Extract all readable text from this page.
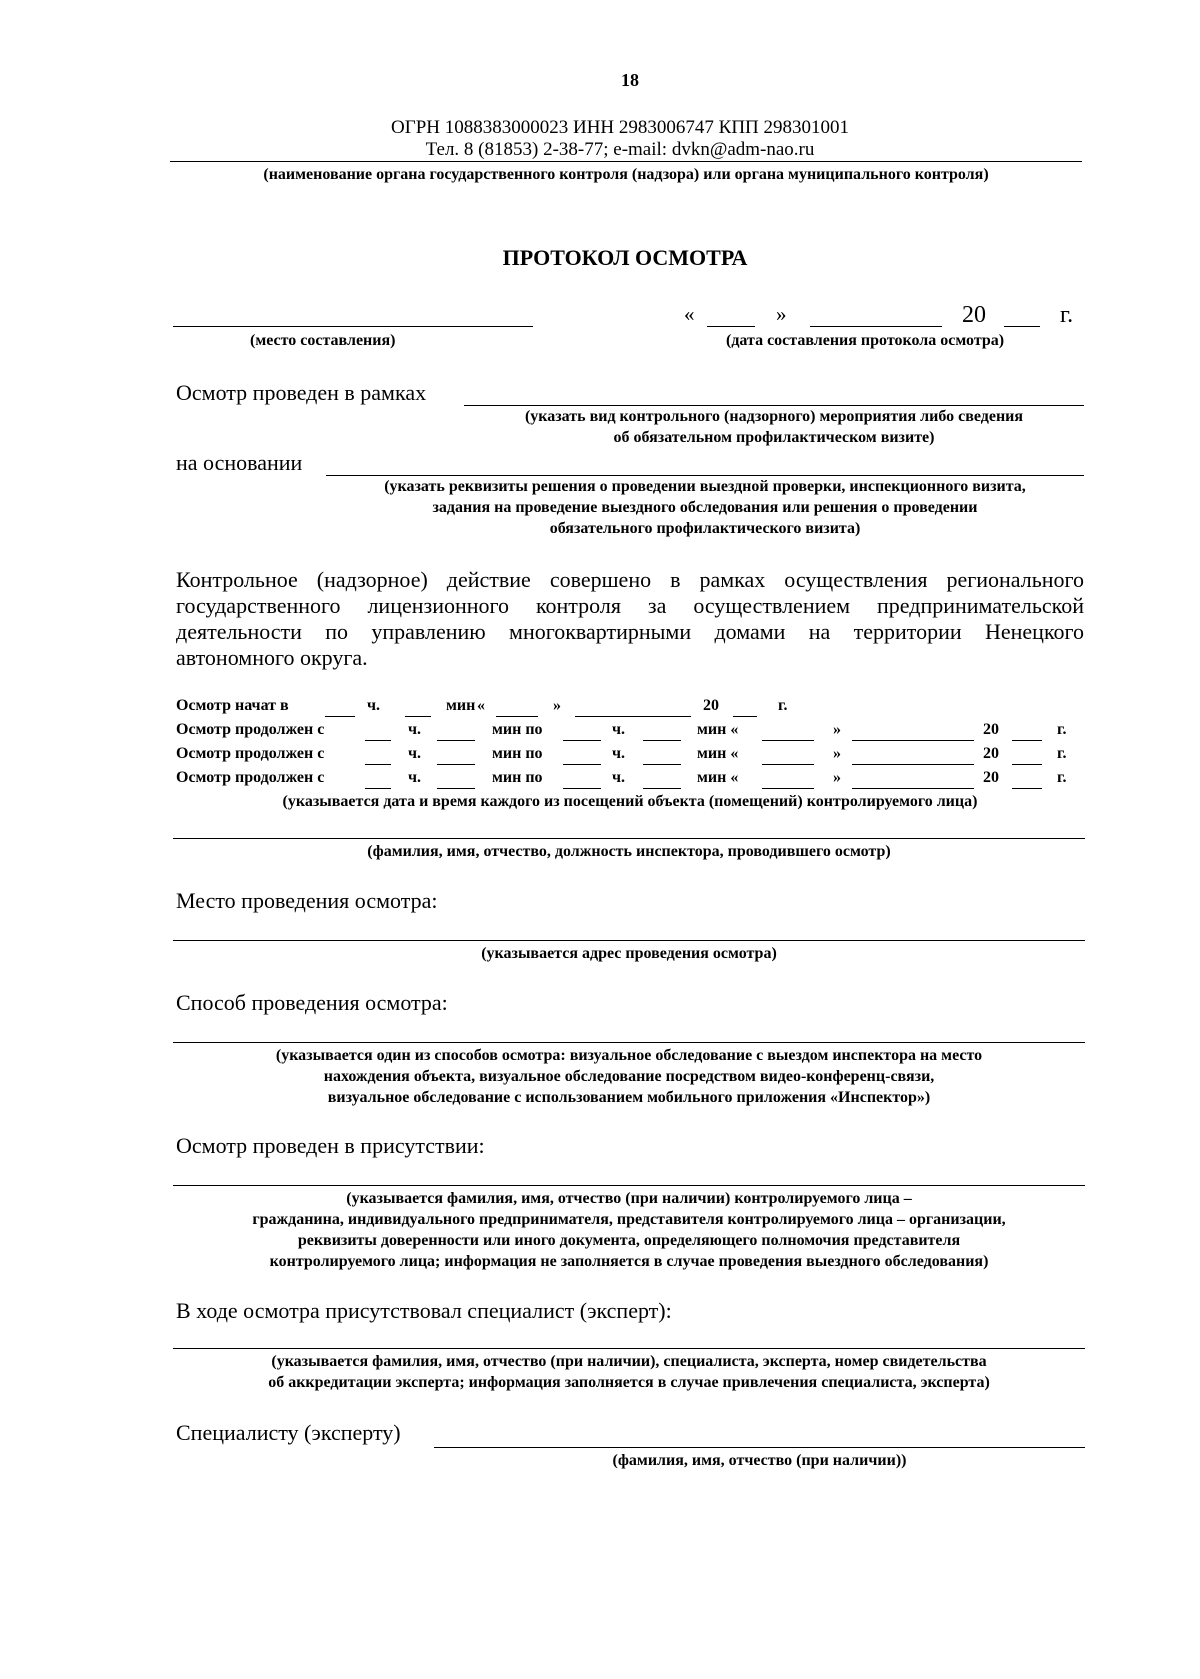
18
ОГРН 1088383000023 ИНН 2983006747 КПП 298301001
Тел. 8 (81853) 2-38-77; e-mail: dvkn@adm-nao.ru
(наименование органа государственного контроля (надзора) или органа муниципального контроля)
ПРОТОКОЛ ОСМОТРА
(место составления)
«	»	20	г.
(дата составления протокола осмотра)
Осмотр проведен в рамках
(указать вид контрольного (надзорного) мероприятия либо сведения
об обязательном профилактическом визите)
на основании
(указать реквизиты решения о проведении выездной проверки, инспекционного визита,
задания на проведение выездного обследования или решения о проведении
обязательного профилактического визита)
Контрольное (надзорное) действие совершено в рамках осуществления регионального
государственного лицензионного контроля за осуществлением предпринимательской
деятельности по управлению многоквартирными домами на территории Ненецкого
автономного округа.
Осмотр начат в	ч.	мин «	»	20	г.
Осмотр продолжен с	ч.	мин по	ч.	мин «	»	20	г.
Осмотр продолжен с	ч.	мин по	ч.	мин «	»	20	г.
Осмотр продолжен с	ч.	мин по	ч.	мин «	»	20	г.
(указывается дата и время каждого из посещений объекта (помещений) контролируемого лица)
(фамилия, имя, отчество, должность инспектора, проводившего осмотр)
Место проведения осмотра:
(указывается адрес проведения осмотра)
Способ проведения осмотра:
(указывается один из способов осмотра: визуальное обследование с выездом инспектора на место
нахождения объекта, визуальное обследование посредством видео-конференц-связи,
визуальное обследование с использованием мобильного приложения «Инспектор»)
Осмотр проведен в присутствии:
(указывается фамилия, имя, отчество (при наличии) контролируемого лица –
гражданина, индивидуального предпринимателя, представителя контролируемого лица – организации,
реквизиты доверенности или иного документа, определяющего полномочия представителя
контролируемого лица; информация не заполняется в случае проведения выездного обследования)
В ходе осмотра присутствовал специалист (эксперт):
(указывается фамилия, имя, отчество (при наличии), специалиста, эксперта, номер свидетельства
об аккредитации эксперта; информация заполняется в случае привлечения специалиста, эксперта)
Специалисту (эксперту)
(фамилия, имя, отчество (при наличии))
